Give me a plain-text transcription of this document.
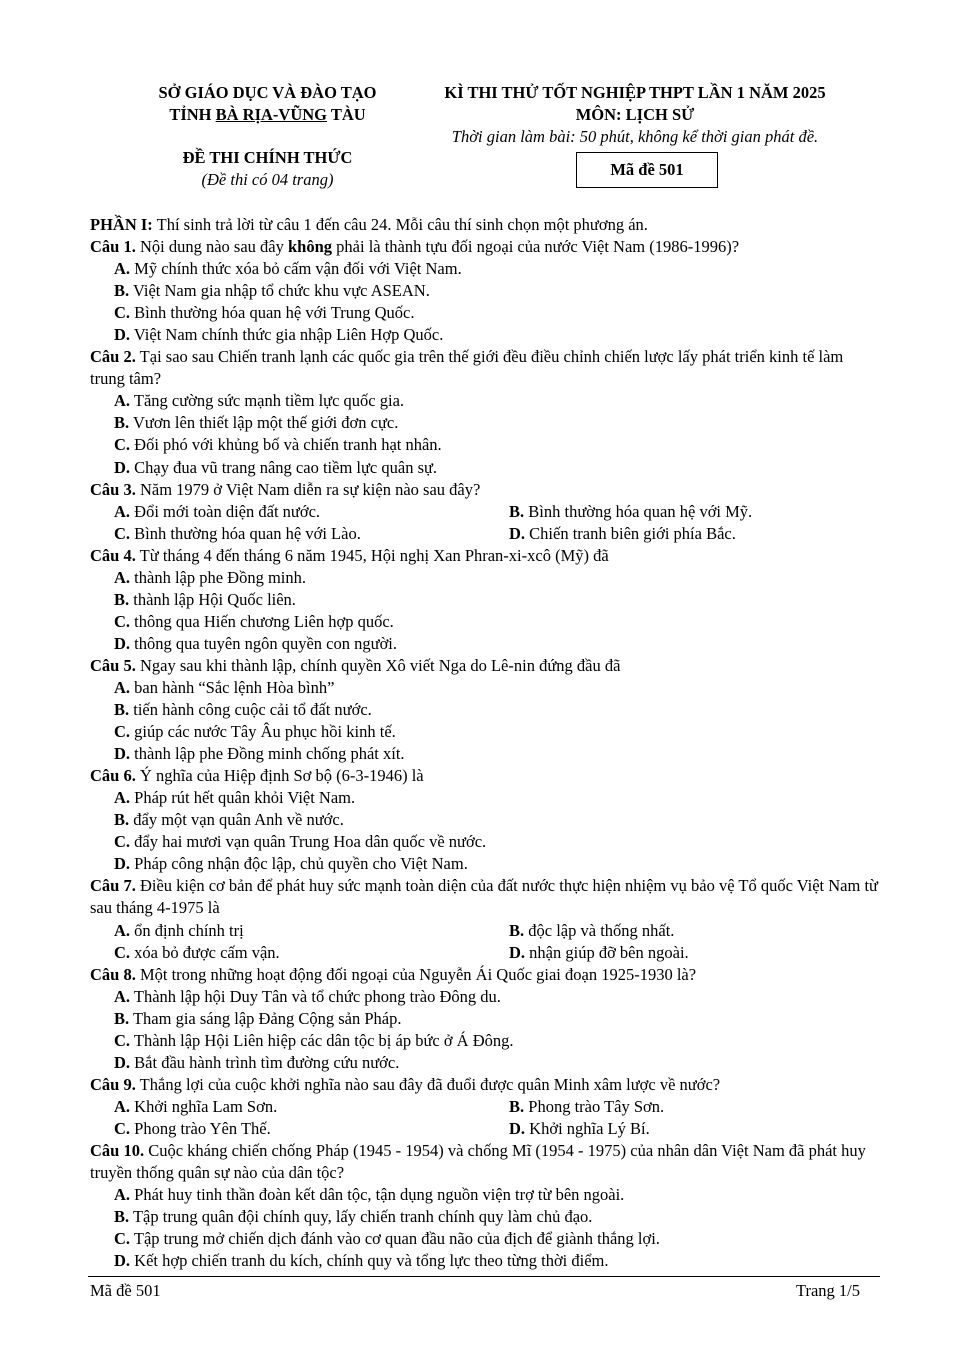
SỞ GIÁO DỤC VÀ ĐÀO TẠO
TỈNH BÀ RỊA-VŨNG TÀU
ĐỀ THI CHÍNH THỨC
(Đề thi có 04 trang)
KÌ THI THỬ TỐT NGHIỆP THPT LẦN 1 NĂM 2025
MÔN: LỊCH SỬ
Thời gian làm bài: 50 phút, không kể thời gian phát đề.
Mã đề 501
PHẦN I: Thí sinh trả lời từ câu 1 đến câu 24. Mỗi câu thí sinh chọn một phương án.
Câu 1. Nội dung nào sau đây không phải là thành tựu đối ngoại của nước Việt Nam (1986-1996)?
A. Mỹ chính thức xóa bỏ cấm vận đối với Việt Nam.
B. Việt Nam gia nhập tổ chức khu vực ASEAN.
C. Bình thường hóa quan hệ với Trung Quốc.
D. Việt Nam chính thức gia nhập Liên Hợp Quốc.
Câu 2. Tại sao sau Chiến tranh lạnh các quốc gia trên thế giới đều điều chỉnh chiến lược lấy phát triển kinh tế làm trung tâm?
A. Tăng cường sức mạnh tiềm lực quốc gia.
B. Vươn lên thiết lập một thế giới đơn cực.
C. Đối phó với khủng bố và chiến tranh hạt nhân.
D. Chạy đua vũ trang nâng cao tiềm lực quân sự.
Câu 3. Năm 1979 ở Việt Nam diễn ra sự kiện nào sau đây?
A. Đổi mới toàn diện đất nước.	B. Bình thường hóa quan hệ với Mỹ.
C. Bình thường hóa quan hệ với Lào.	D. Chiến tranh biên giới phía Bắc.
Câu 4. Từ tháng 4 đến tháng 6 năm 1945, Hội nghị Xan Phran-xi-xcô (Mỹ) đã
A. thành lập phe Đồng minh.
B. thành lập Hội Quốc liên.
C. thông qua Hiến chương Liên hợp quốc.
D. thông qua tuyên ngôn quyền con người.
Câu 5. Ngay sau khi thành lập, chính quyền Xô viết Nga do Lê-nin đứng đầu đã
A. ban hành “Sắc lệnh Hòa bình”
B. tiến hành công cuộc cải tổ đất nước.
C. giúp các nước Tây Âu phục hồi kinh tế.
D. thành lập phe Đồng minh chống phát xít.
Câu 6. Ý nghĩa của Hiệp định Sơ bộ (6-3-1946) là
A. Pháp rút hết quân khỏi Việt Nam.
B. đẩy một vạn quân Anh về nước.
C. đẩy hai mươi vạn quân Trung Hoa dân quốc về nước.
D. Pháp công nhận độc lập, chủ quyền cho Việt Nam.
Câu 7. Điều kiện cơ bản để phát huy sức mạnh toàn diện của đất nước thực hiện nhiệm vụ bảo vệ Tổ quốc Việt Nam từ sau tháng 4-1975 là
A. ổn định chính trị	B. độc lập và thống nhất.
C. xóa bỏ được cấm vận.	D. nhận giúp đỡ bên ngoài.
Câu 8. Một trong những hoạt động đối ngoại của Nguyễn Ái Quốc giai đoạn 1925-1930 là?
A. Thành lập hội Duy Tân và tổ chức phong trào Đông du.
B. Tham gia sáng lập Đảng Cộng sản Pháp.
C. Thành lập Hội Liên hiệp các dân tộc bị áp bức ở Á Đông.
D. Bắt đầu hành trình tìm đường cứu nước.
Câu 9. Thắng lợi của cuộc khởi nghĩa nào sau đây đã đuổi được quân Minh xâm lược về nước?
A. Khởi nghĩa Lam Sơn.	B. Phong trào Tây Sơn.
C. Phong trào Yên Thế.	D. Khởi nghĩa Lý Bí.
Câu 10. Cuộc kháng chiến chống Pháp (1945 - 1954) và chống Mĩ (1954 - 1975) của nhân dân Việt Nam đã phát huy truyền thống quân sự nào của dân tộc?
A. Phát huy tinh thần đoàn kết dân tộc, tận dụng nguồn viện trợ từ bên ngoài.
B. Tập trung quân đội chính quy, lấy chiến tranh chính quy làm chủ đạo.
C. Tập trung mở chiến dịch đánh vào cơ quan đầu não của địch để giành thắng lợi.
D. Kết hợp chiến tranh du kích, chính quy và tổng lực theo từng thời điểm.
Mã đề 501	Trang 1/5
